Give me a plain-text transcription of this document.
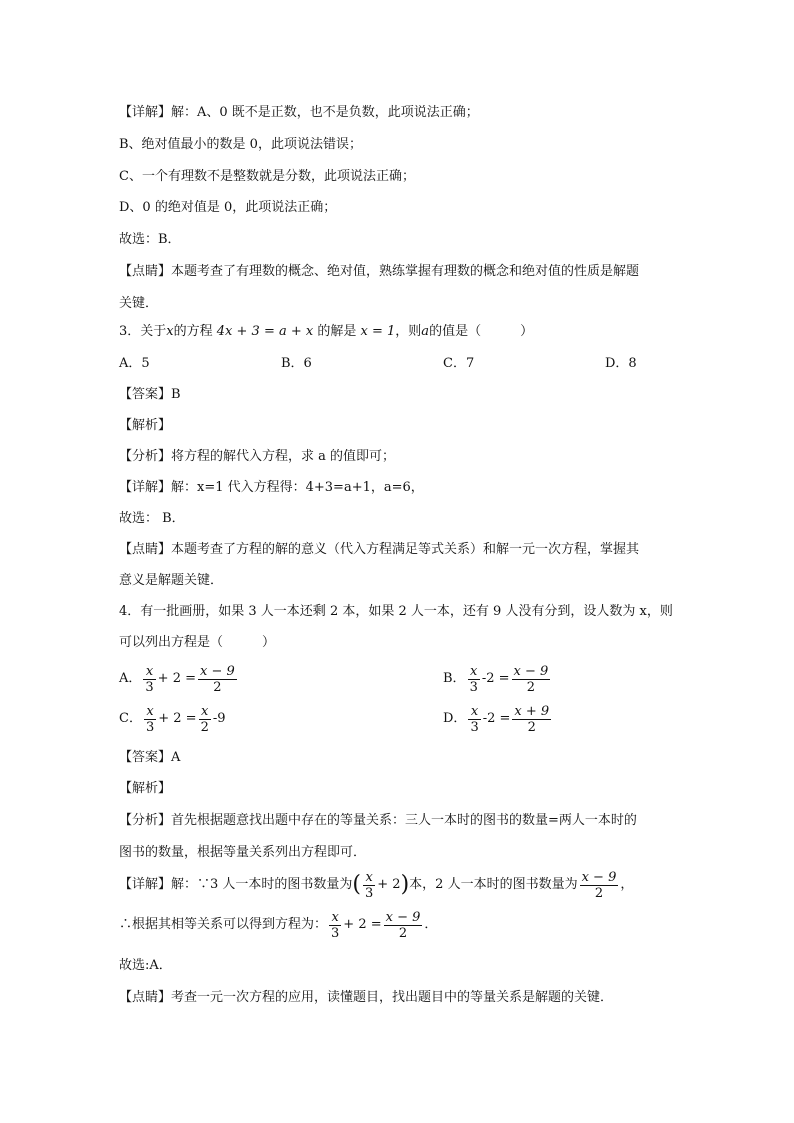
【详解】解：A、0 既不是正数，也不是负数，此项说法正确；
B、绝对值最小的数是 0，此项说法错误；
C、一个有理数不是整数就是分数，此项说法正确；
D、0 的绝对值是 0，此项说法正确；
故选：B．
【点睛】本题考查了有理数的概念、绝对值，熟练掌握有理数的概念和绝对值的性质是解题
关键．
3．关于x的方程 4x + 3 = a + x 的解是 x = 1，则a的值是（　　　）
A．5	B．6	C．7	D．8
【答案】B
【解析】
【分析】将方程的解代入方程，求 a 的值即可；
【详解】解：x=1 代入方程得：4+3=a+1，a=6，
故选： B．
【点睛】本题考查了方程的解的意义（代入方程满足等式关系）和解一元一次方程，掌握其
意义是解题关键．
4．有一批画册，如果 3 人一本还剩 2 本，如果 2 人一本，还有 9 人没有分到，设人数为 x，则
可以列出方程是（　　　）
A． $\frac{x}{3} + 2 = \frac{x - 9}{2}$	B． $\frac{x}{3} -2 = \frac{x - 9}{2}$
C． $\frac{x}{3} + 2 = \frac{x}{2} -9$	D． $\frac{x}{3} -2 = \frac{x + 9}{2}$
【答案】A
【解析】
【分析】首先根据题意找出题中存在的等量关系：三人一本时的图书的数量=两人一本时的
图书的数量，根据等量关系列出方程即可．
【详解】解：∵3 人一本时的图书数量为 ( $\frac{x}{3} + 2$ ) 本，2 人一本时的图书数量为 $\frac{x - 9}{2}$ ，
∴根据其相等关系可以得到方程为： $\frac{x}{3} + 2 = \frac{x - 9}{2}$ ．
故选:A．
【点睛】考查一元一次方程的应用，读懂题目，找出题目中的等量关系是解题的关键．
